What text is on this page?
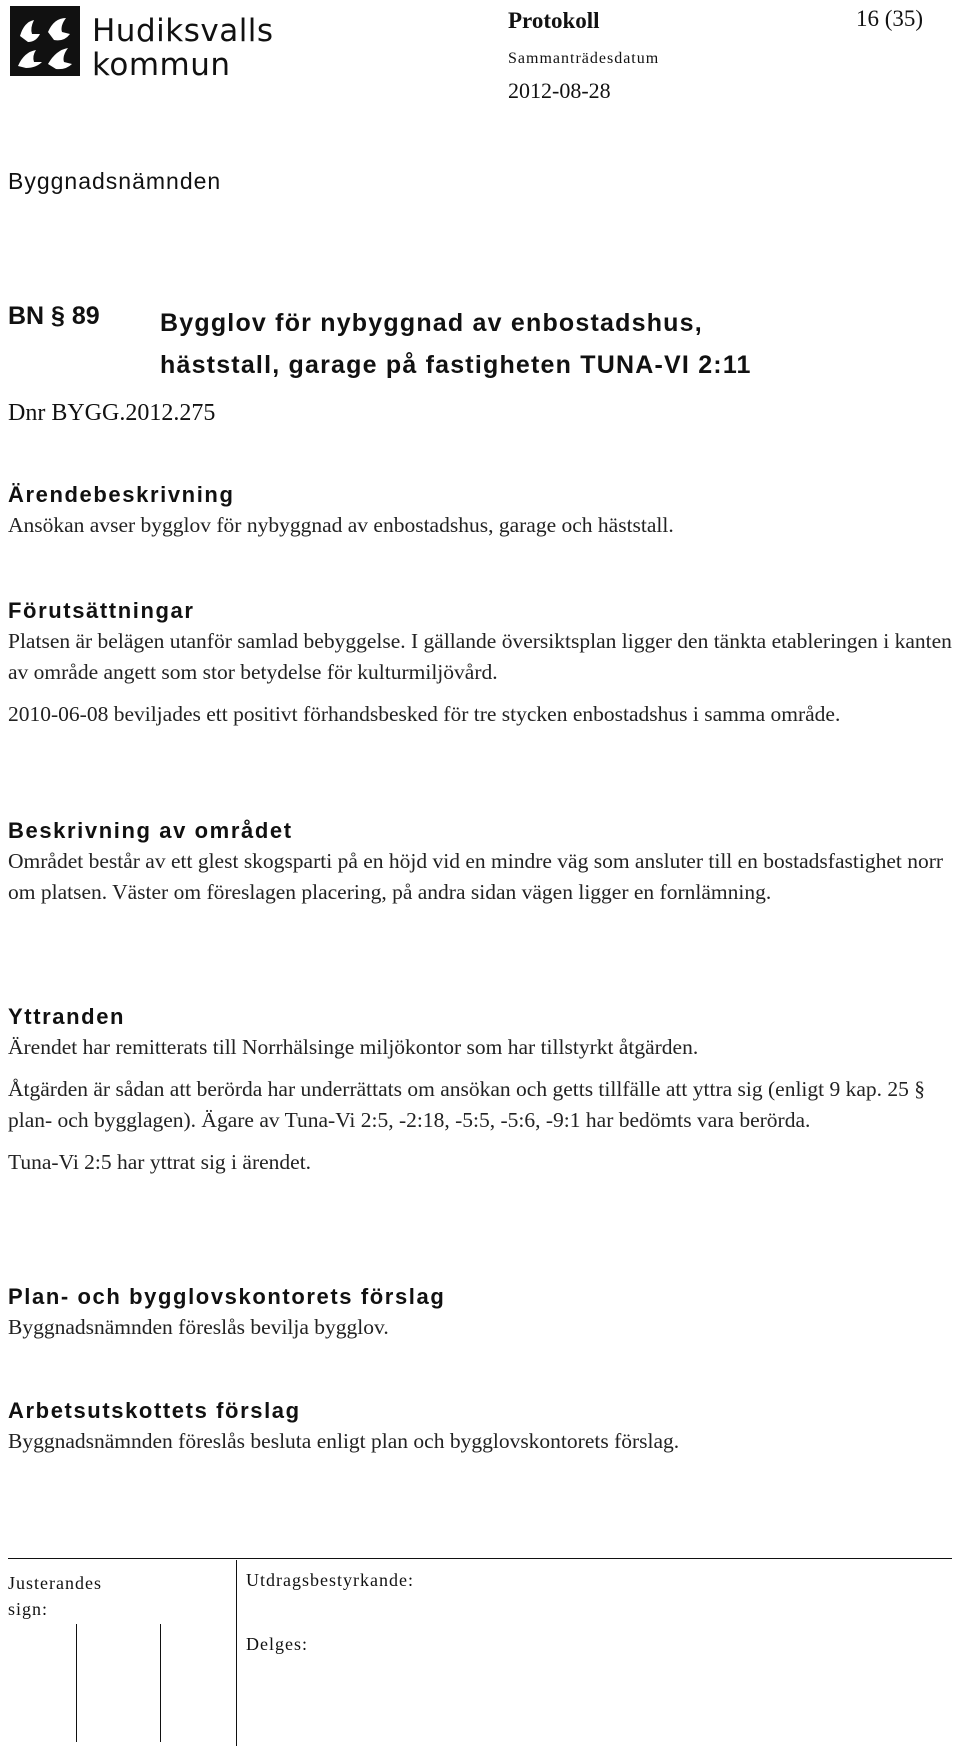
Hudiksvalls
kommun
Protokoll	16 (35)
Sammanträdesdatum
2012-08-28
Byggnadsnämnden
BN § 89 Bygglov för nybyggnad av enbostadshus,
häststall, garage på fastigheten TUNA-VI 2:11
Dnr BYGG.2012.275
Ärendebeskrivning

Ansökan avser bygglov för nybyggnad av enbostadshus, garage och häststall.

Förutsättningar

Platsen är belägen utanför samlad bebyggelse. I gällande översiktsplan ligger den tänkta etableringen i kanten av område angett som stor betydelse för kulturmiljövård.

2010-06-08 beviljades ett positivt förhandsbesked för tre stycken enbostadshus i samma område.

Beskrivning av området

Området består av ett glest skogsparti på en höjd vid en mindre väg som ansluter till en bostadsfastighet norr om platsen. Väster om föreslagen placering, på andra sidan vägen ligger en fornlämning.

Yttranden

Ärendet har remitterats till Norrhälsinge miljökontor som har tillstyrkt åtgärden.

Åtgärden är sådan att berörda har underrättats om ansökan och getts tillfälle att yttra sig (enligt 9 kap. 25 § plan- och bygglagen). Ägare av Tuna-Vi 2:5, -2:18, -5:5, -5:6, -9:1 har bedömts vara berörda.

Tuna-Vi 2:5 har yttrat sig i ärendet.

Plan- och bygglovskontorets förslag

Byggnadsnämnden föreslås bevilja bygglov.

Arbetsutskottets förslag

Byggnadsnämnden föreslås besluta enligt plan och bygglovskontorets förslag.

Justerandes
sign:
Utdragsbestyrkande:
Delges:
